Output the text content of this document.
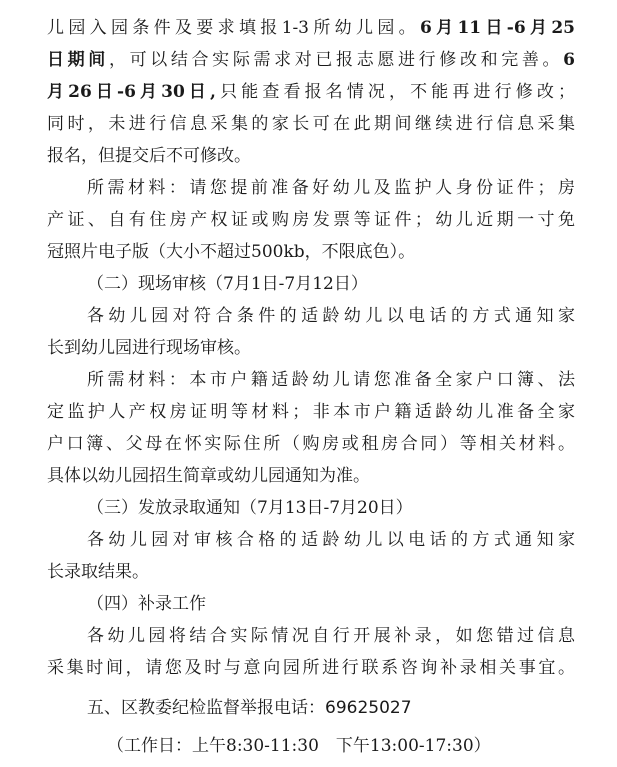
儿园入园条件及要求填报1-3所幼儿园。6月11日-6月25
日期间，可以结合实际需求对已报志愿进行修改和完善。6
月26日-6月30日,只能查看报名情况，不能再进行修改；
同时，未进行信息采集的家长可在此期间继续进行信息采集
报名，但提交后不可修改。
所需材料：请您提前准备好幼儿及监护人身份证件；房
产证、自有住房产权证或购房发票等证件；幼儿近期一寸免
冠照片电子版（大小不超过500kb，不限底色）。
（二）现场审核（7月1日-7月12日）
各幼儿园对符合条件的适龄幼儿以电话的方式通知家
长到幼儿园进行现场审核。
所需材料：本市户籍适龄幼儿请您准备全家户口簿、法
定监护人产权房证明等材料；非本市户籍适龄幼儿准备全家
户口簿、父母在怀实际住所（购房或租房合同）等相关材料。
具体以幼儿园招生简章或幼儿园通知为准。
（三）发放录取通知（7月13日-7月20日）
各幼儿园对审核合格的适龄幼儿以电话的方式通知家
长录取结果。
（四）补录工作
各幼儿园将结合实际情况自行开展补录，如您错过信息
采集时间，请您及时与意向园所进行联系咨询补录相关事宜。
五、区教委纪检监督举报电话：69625027
（工作日：上午8:30-11:30　下午13:00-17:30）
